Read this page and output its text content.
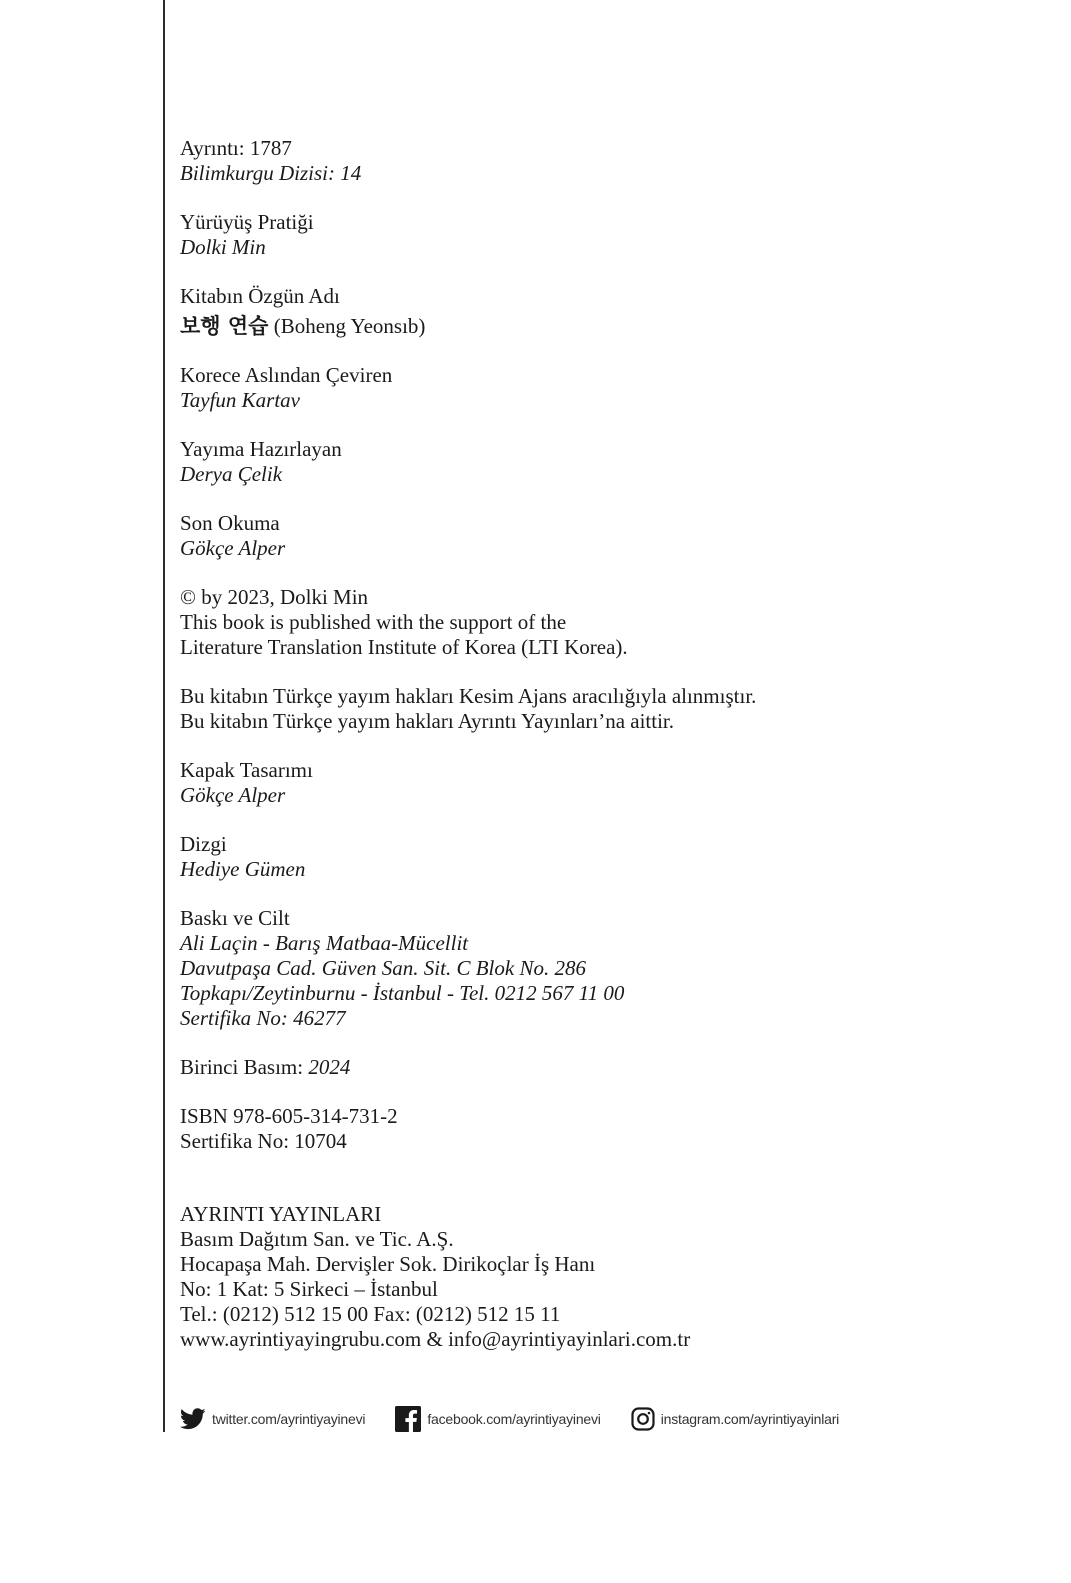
Ayrıntı: 1787
Bilimkurgu Dizisi: 14
Yürüyüş Pratiği
Dolki Min
Kitabın Özgün Adı
보행 연습 (Boheng Yeonsıb)
Korece Aslından Çeviren
Tayfun Kartav
Yayıma Hazırlayan
Derya Çelik
Son Okuma
Gökçe Alper
© by 2023, Dolki Min
This book is published with the support of the
Literature Translation Institute of Korea (LTI Korea).
Bu kitabın Türkçe yayım hakları Kesim Ajans aracılığıyla alınmıştır.
Bu kitabın Türkçe yayım hakları Ayrıntı Yayınları’na aittir.
Kapak Tasarımı
Gökçe Alper
Dizgi
Hediye Gümen
Baskı ve Cilt
Ali Laçin - Barış Matbaa-Mücellit
Davutpaşa Cad. Güven San. Sit. C Blok No. 286
Topkapı/Zeytinburnu - İstanbul - Tel. 0212 567 11 00
Sertifika No: 46277
Birinci Basım: 2024
ISBN 978-605-314-731-2
Sertifika No: 10704
AYRINTI YAYINLARI
Basım Dağıtım San. ve Tic. A.Ş.
Hocapaşa Mah. Dervişler Sok. Dirikoçlar İş Hanı
No: 1 Kat: 5 Sirkeci – İstanbul
Tel.: (0212) 512 15 00 Fax: (0212) 512 15 11
www.ayrintiyayingrubu.com & info@ayrintiyayinlari.com.tr
twitter.com/ayrintiyayinevi	facebook.com/ayrintiyayinevi	instagram.com/ayrintiyayinlari
